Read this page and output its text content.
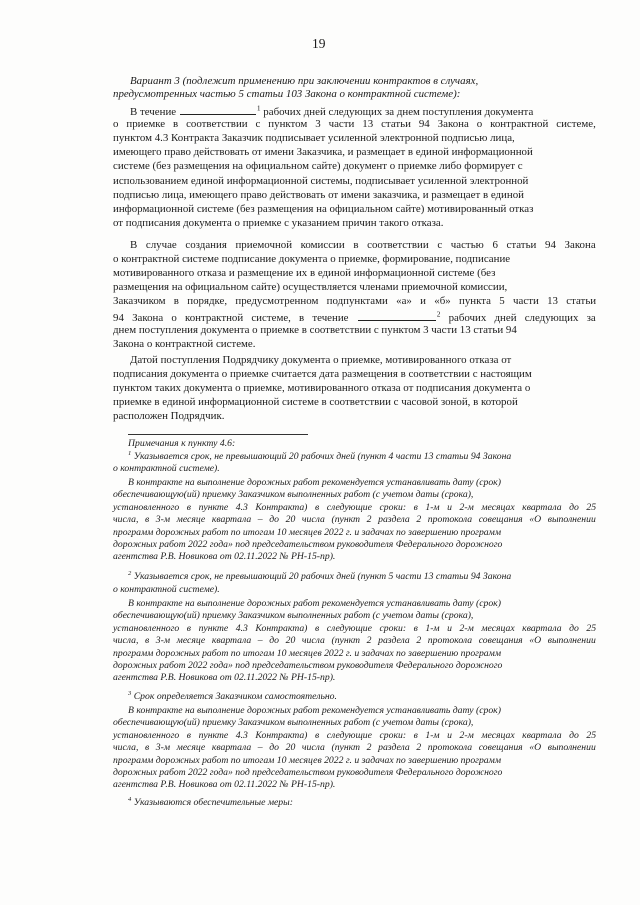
19
Вариант 3 (подлежит применению при заключении контрактов в случаях,
предусмотренных частью 5 статьи 103 Закона о контрактной системе):
В течение	$^1$ рабочих дней следующих за днем поступления документа
о приемке в соответствии с пунктом 3 части 13 статьи 94 Закона о контрактной системе,
пунктом 4.3 Контракта Заказчик подписывает усиленной электронной подписью лица,
имеющего право действовать от имени Заказчика, и размещает в единой информационной
системе (без размещения на официальном сайте) документ о приемке либо формирует с
использованием единой информационной системы, подписывает усиленной электронной
подписью лица, имеющего право действовать от имени заказчика, и размещает в единой
информационной системе (без размещения на официальном сайте) мотивированный отказ
от подписания документа о приемке с указанием причин такого отказа.
В случае создания приемочной комиссии в соответствии с частью 6 статьи 94 Закона
о контрактной системе подписание документа о приемке, формирование, подписание
мотивированного отказа и размещение их в единой информационной системе (без
размещения на официальном сайте) осуществляется членами приемочной комиссии,
Заказчиком в порядке, предусмотренном подпунктами «а» и «б» пункта 5 части 13 статьи
94 Закона о контрактной системе, в течение	$^2$ рабочих дней следующих за
днем поступления документа о приемке в соответствии с пунктом 3 части 13 статьи 94
Закона о контрактной системе.
Датой поступления Подрядчику документа о приемке, мотивированного отказа от
подписания документа о приемке считается дата размещения в соответствии с настоящим
пунктом таких документа о приемке, мотивированного отказа от подписания документа о
приемке в единой информационной системе в соответствии с часовой зоной, в которой
расположен Подрядчик.
Примечания к пункту 4.6:
$^1$ Указывается срок, не превышающий 20 рабочих дней (пункт 4 части 13 статьи 94 Закона
о контрактной системе).
В контракте на выполнение дорожных работ рекомендуется устанавливать дату (срок)
обеспечивающую(ий) приемку Заказчиком выполненных работ (с учетом даты (срока),
установленного в пункте 4.3 Контракта) в следующие сроки: в 1-м и 2-м месяцах квартала до 25
числа, в 3-м месяце квартала – до 20 числа (пункт 2 раздела 2 протокола совещания «О выполнении
программ дорожных работ по итогам 10 месяцев 2022 г. и задачах по завершению программ
дорожных работ 2022 года» под председательством руководителя Федерального дорожного
агентства Р.В. Новикова от 02.11.2022 № РН-15-пр).
$^2$ Указывается срок, не превышающий 20 рабочих дней (пункт 5 части 13 статьи 94 Закона
о контрактной системе).
В контракте на выполнение дорожных работ рекомендуется устанавливать дату (срок)
обеспечивающую(ий) приемку Заказчиком выполненных работ (с учетом даты (срока),
установленного в пункте 4.3 Контракта) в следующие сроки: в 1-м и 2-м месяцах квартала до 25
числа, в 3-м месяце квартала – до 20 числа (пункт 2 раздела 2 протокола совещания «О выполнении
программ дорожных работ по итогам 10 месяцев 2022 г. и задачах по завершению программ
дорожных работ 2022 года» под председательством руководителя Федерального дорожного
агентства Р.В. Новикова от 02.11.2022 № РН-15-пр).
$^3$ Срок определяется Заказчиком самостоятельно.
В контракте на выполнение дорожных работ рекомендуется устанавливать дату (срок)
обеспечивающую(ий) приемку Заказчиком выполненных работ (с учетом даты (срока),
установленного в пункте 4.3 Контракта) в следующие сроки: в 1-м и 2-м месяцах квартала до 25
числа, в 3-м месяце квартала – до 20 числа (пункт 2 раздела 2 протокола совещания «О выполнении
программ дорожных работ по итогам 10 месяцев 2022 г. и задачах по завершению программ
дорожных работ 2022 года» под председательством руководителя Федерального дорожного
агентства Р.В. Новикова от 02.11.2022 № РН-15-пр).
$^4$ Указываются обеспечительные меры:
